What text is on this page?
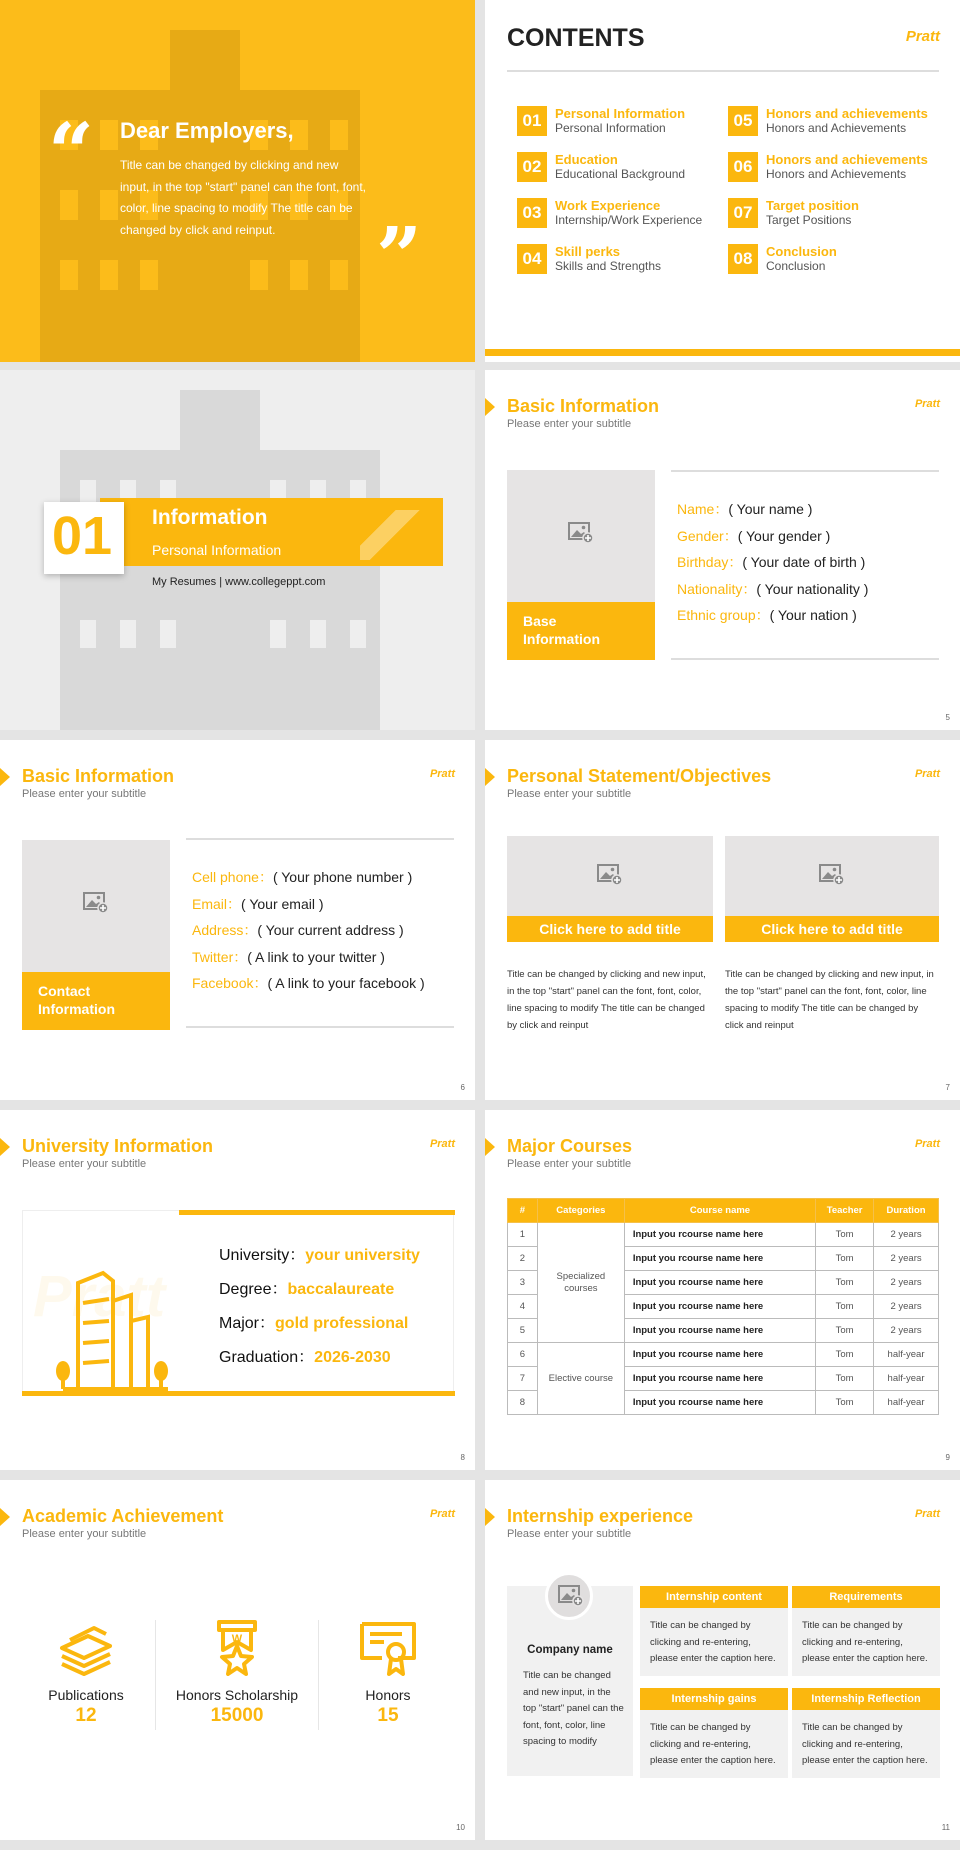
“ Dear Employers,
Title can be changed by clicking and new input, in the top "start" panel can the font, font, color, line spacing to modify The title can be changed by click and reinput.	”
CONTENTS	Pratt
01	Personal Information
Personal Information
02	Education
Educational Background
03	Work Experience
Internship/Work Experience
04	Skill perks
Skills and Strengths
05	Honors and achievements
Honors and Achievements
06	Honors and achievements
Honors and Achievements
07	Target position
Target Positions
08	Conclusion
Conclusion
01 Information
Personal Information
My Resumes | www.collegeppt.com
Basic Information
Please enter your subtitle
Pratt
Base
Information
Name：( Your name )
Gender：( Your gender )
Birthday：( Your date of birth )
Nationality：( Your nationality )
Ethnic group：( Your nation )
5
Basic Information
Please enter your subtitle
Pratt
Contact
Information
Cell phone：( Your phone number )
Email：( Your email )
Address：( Your current address )
Twitter：( A link to your twitter )
Facebook：( A link to your facebook )
6
Personal Statement/Objectives
Please enter your subtitle
Pratt
Click here to add title
Title can be changed by clicking and new input, in the top "start" panel can the font, font, color, line spacing to modify The title can be changed by click and reinput
Click here to add title
Title can be changed by clicking and new input, in the top "start" panel can the font, font, color, line spacing to modify The title can be changed by click and reinput
7
University Information
Please enter your subtitle
Pratt
Pratt
University：your university
Degree：baccalaureate
Major：gold professional
Graduation：2026-2030
8
Major Courses
Please enter your subtitle
Pratt
#	Categories	Course name	Teacher	Duration
1	Specialized courses	Input you rcourse name here	Tom	2 years
2		Input you rcourse name here	Tom	2 years
3		Input you rcourse name here	Tom	2 years
4		Input you rcourse name here	Tom	2 years
5		Input you rcourse name here	Tom	2 years
6	Elective course	Input you rcourse name here	Tom	half-year
7		Input you rcourse name here	Tom	half-year
8		Input you rcourse name here	Tom	half-year
9
Academic Achievement
Please enter your subtitle
Pratt
Publications
12
W
Honors Scholarship
15000
Honors
15
10
Internship experience
Please enter your subtitle
Pratt
Company name
Title can be changed and new input, in the top "start" panel can the font, font, color, line spacing to modify
Internship content
Title can be changed by clicking and re-entering, please enter the caption here.
Requirements
Title can be changed by clicking and re-entering, please enter the caption here.
Internship gains
Title can be changed by clicking and re-entering, please enter the caption here.
Internship Reflection
Title can be changed by clicking and re-entering, please enter the caption here.
11
